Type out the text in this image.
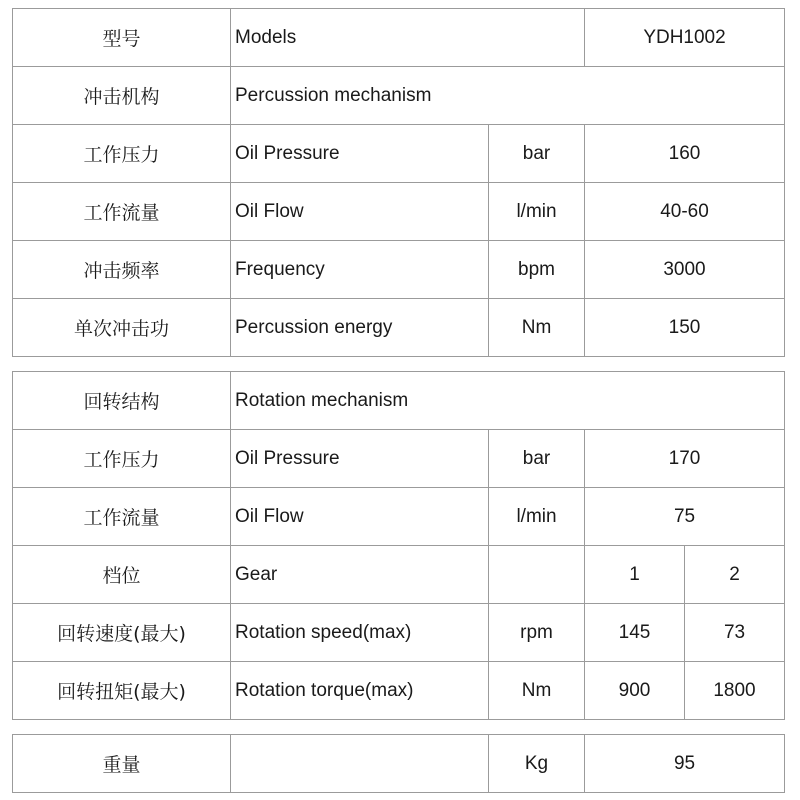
型号	Models		YDH1002	
冲击机构	Percussion mechanism			
工作压力	Oil Pressure	bar	160	
工作流量	Oil Flow	l/min	40-60	
冲击频率	Frequency	bpm	3000	
单次冲击功	Percussion energy	Nm	150	

回转结构	Rotation mechanism			
工作压力	Oil Pressure	bar	170	
工作流量	Oil Flow	l/min	75	
档位	Gear		1	2
回转速度(最大)	Rotation speed(max)	rpm	145	73
回转扭矩(最大)	Rotation torque(max)	Nm	900	1800

重量		Kg	95	
